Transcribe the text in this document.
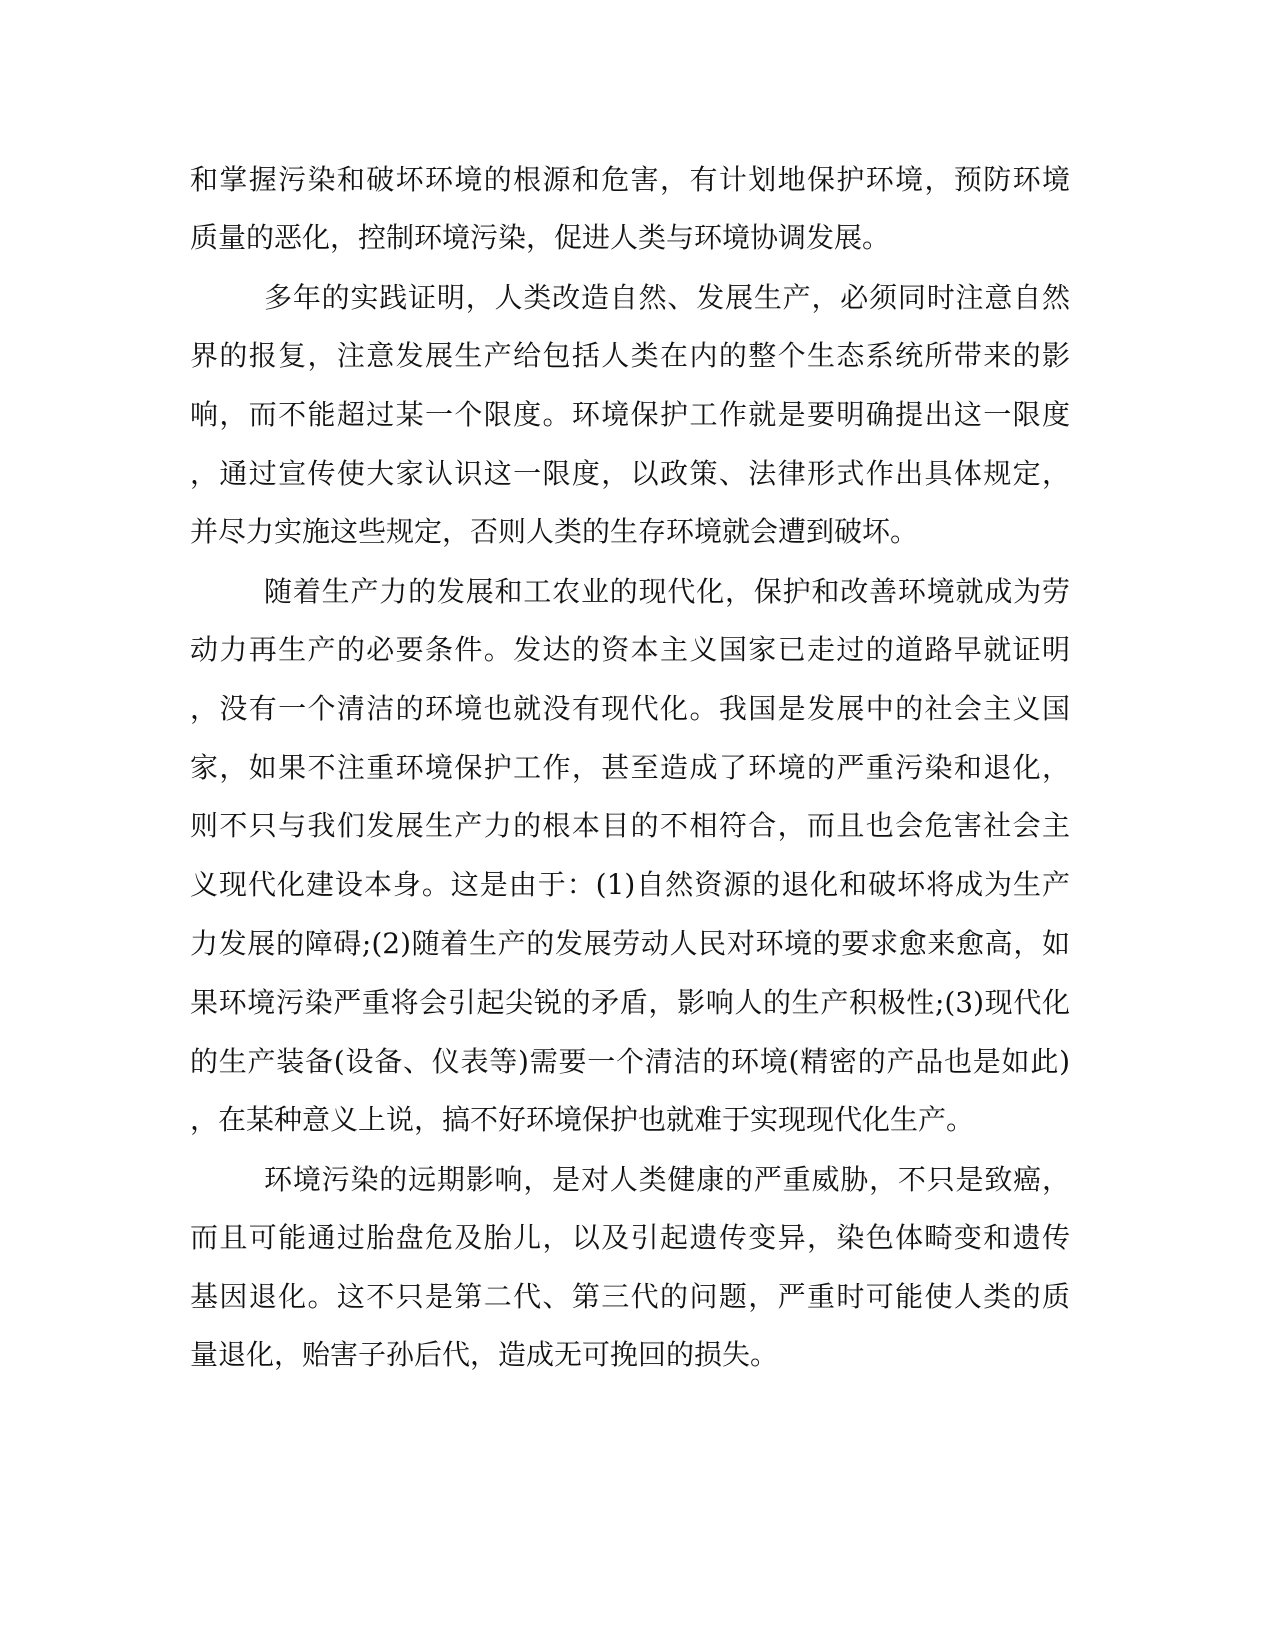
和掌握污染和破坏环境的根源和危害，有计划地保护环境，预防环境
质量的恶化，控制环境污染，促进人类与环境协调发展。
多年的实践证明，人类改造自然、发展生产，必须同时注意自然
界的报复，注意发展生产给包括人类在内的整个生态系统所带来的影
响，而不能超过某一个限度。环境保护工作就是要明确提出这一限度
，通过宣传使大家认识这一限度，以政策、法律形式作出具体规定，
并尽力实施这些规定，否则人类的生存环境就会遭到破坏。
随着生产力的发展和工农业的现代化，保护和改善环境就成为劳
动力再生产的必要条件。发达的资本主义国家已走过的道路早就证明
，没有一个清洁的环境也就没有现代化。我国是发展中的社会主义国
家，如果不注重环境保护工作，甚至造成了环境的严重污染和退化，
则不只与我们发展生产力的根本目的不相符合，而且也会危害社会主
义现代化建设本身。这是由于：(1)自然资源的退化和破坏将成为生产
力发展的障碍;(2)随着生产的发展劳动人民对环境的要求愈来愈高，如
果环境污染严重将会引起尖锐的矛盾，影响人的生产积极性;(3)现代化
的生产装备(设备、仪表等)需要一个清洁的环境(精密的产品也是如此)
，在某种意义上说，搞不好环境保护也就难于实现现代化生产。
环境污染的远期影响，是对人类健康的严重威胁，不只是致癌，
而且可能通过胎盘危及胎儿，以及引起遗传变异，染色体畸变和遗传
基因退化。这不只是第二代、第三代的问题，严重时可能使人类的质
量退化，贻害子孙后代，造成无可挽回的损失。
